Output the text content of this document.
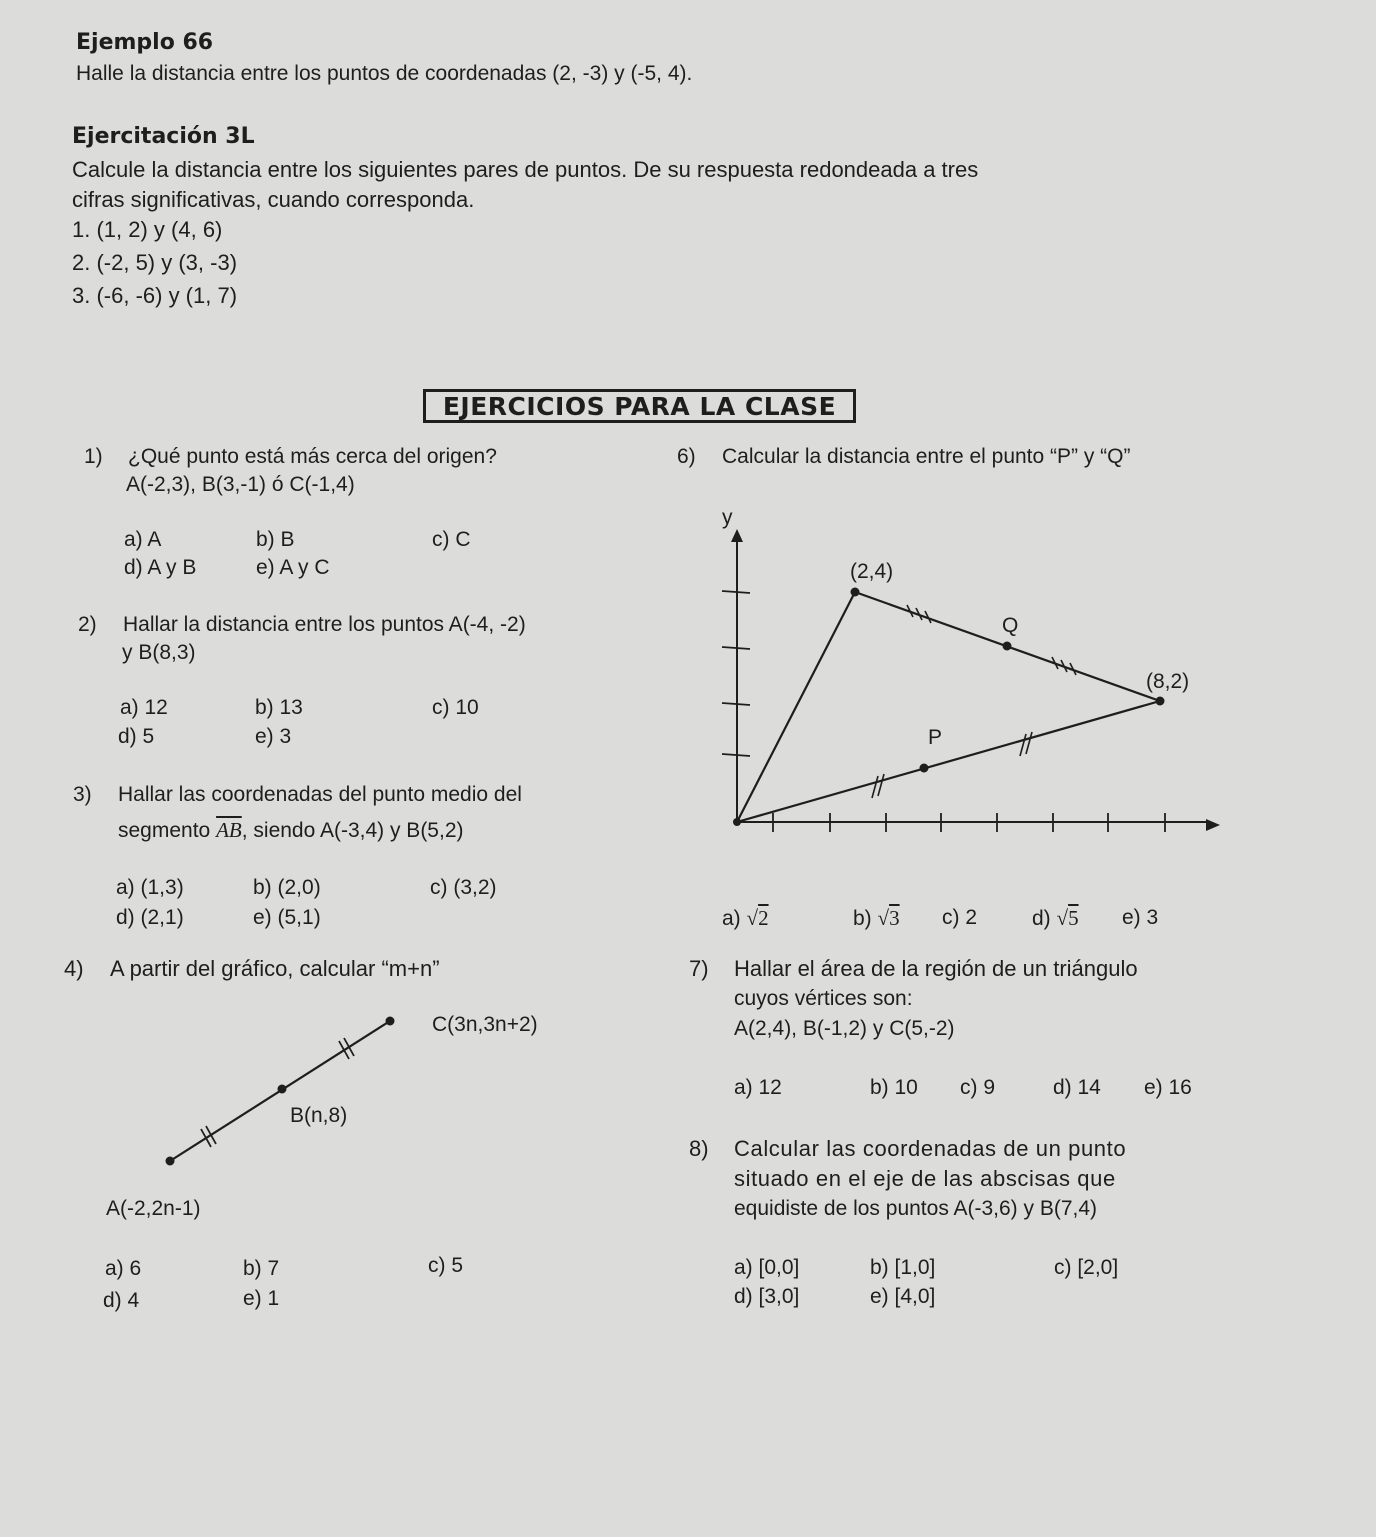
Ejemplo 66
Halle la distancia entre los puntos de coordenadas (2, -3) y (-5, 4).
Ejercitación 3L
Calcule la distancia entre los siguientes pares de puntos. De su respuesta redondeada a tres
cifras significativas, cuando corresponda.
1. (1, 2) y (4, 6)
2. (-2, 5) y (3, -3)
3. (-6, -6) y (1, 7)
EJERCICIOS PARA LA CLASE
1) ¿Qué punto está más cerca del origen?
A(-2,3), B(3,-1) ó C(-1,4)
a) A	b) B	c) C
d) A y B	e) A y C
2) Hallar la distancia entre los puntos A(-4, -2)
y B(8,3)
a) 12	b) 13	c) 10
d) 5	e) 3
3) Hallar las coordenadas del punto medio del
segmento $\overline{AB}$, siendo A(-3,4) y B(5,2)
a) (1,3)	b) (2,0)	c) (3,2)
d) (2,1)	e) (5,1)
4) A partir del gráfico, calcular “m+n”
C(3n,3n+2)
B(n,8)
A(-2,2n-1)
a) 6	b) 7	c) 5
d) 4	e) 1
6) Calcular la distancia entre el punto “P” y “Q”
y
(2,4)
(8,2)
Q
P
a) √2	b) √3 c) 2	d) √5 e) 3
7) Hallar el área de la región de un triángulo
cuyos vértices son:
A(2,4), B(-1,2) y C(5,-2)
a) 12	b) 10 c) 9	d) 14 e) 16
8) Calcular las coordenadas de un punto
situado en el eje de las abscisas que
equidiste de los puntos A(-3,6) y B(7,4)
a) [0,0]	b) [1,0]	c) [2,0]
d) [3,0]	e) [4,0]
